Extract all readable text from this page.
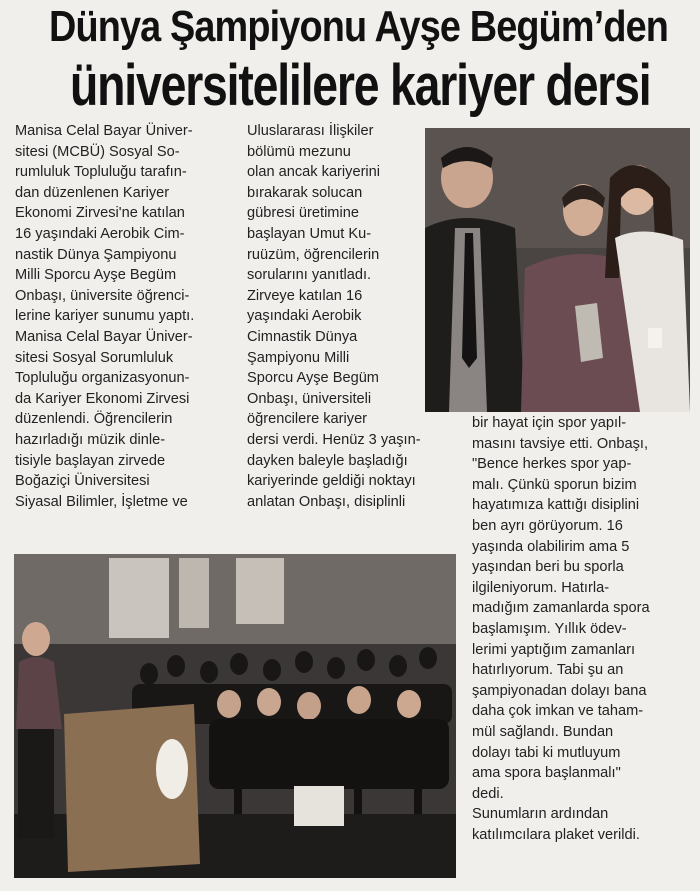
Dünya Şampiyonu Ayşe Begüm’den
üniversitelilere kariyer dersi
Manisa Celal Bayar Üniver-
sitesi (MCBÜ) Sosyal So-
rumluluk Topluluğu tarafın-
dan düzenlenen Kariyer
Ekonomi Zirvesi'ne katılan
16 yaşındaki Aerobik Cim-
nastik Dünya Şampiyonu
Milli Sporcu Ayşe Begüm
Onbaşı, üniversite öğrenci-
lerine kariyer sunumu yaptı.
Manisa Celal Bayar Üniver-
sitesi Sosyal Sorumluluk
Topluluğu organizasyonun-
da Kariyer Ekonomi Zirvesi
düzenlendi. Öğrencilerin
hazırladığı müzik dinle-
tisiyle başlayan zirvede
Boğaziçi Üniversitesi
Siyasal Bilimler, İşletme ve
Uluslararası İlişkiler
bölümü mezunu
olan ancak kariyerini
bırakarak solucan
gübresi üretimine
başlayan Umut Ku-
ruüzüm, öğrencilerin
sorularını yanıtladı.
Zirveye katılan 16
yaşındaki Aerobik
Cimnastik Dünya
Şampiyonu Milli
Sporcu Ayşe Begüm
Onbaşı, üniversiteli
öğrencilere kariyer
dersi verdi. Henüz 3 yaşın-
dayken baleyle başladığı
kariyerinde geldiği noktayı
anlatan Onbaşı, disiplinli
bir hayat için spor yapıl-
masını tavsiye etti. Onbaşı,
"Bence herkes spor yap-
malı. Çünkü sporun bizim
hayatımıza kattığı disiplini
ben ayrı görüyorum. 16
yaşında olabilirim ama 5
yaşından beri bu sporla
ilgileniyorum. Hatırla-
madığım zamanlarda spora
başlamışım. Yıllık ödev-
lerimi yaptığım zamanları
hatırlıyorum. Tabi şu an
şampiyonadan dolayı bana
daha çok imkan ve taham-
mül sağlandı. Bundan
dolayı tabi ki mutluyum
ama spora başlanmalı"
dedi.
Sunumların ardından
katılımcılara plaket verildi.
